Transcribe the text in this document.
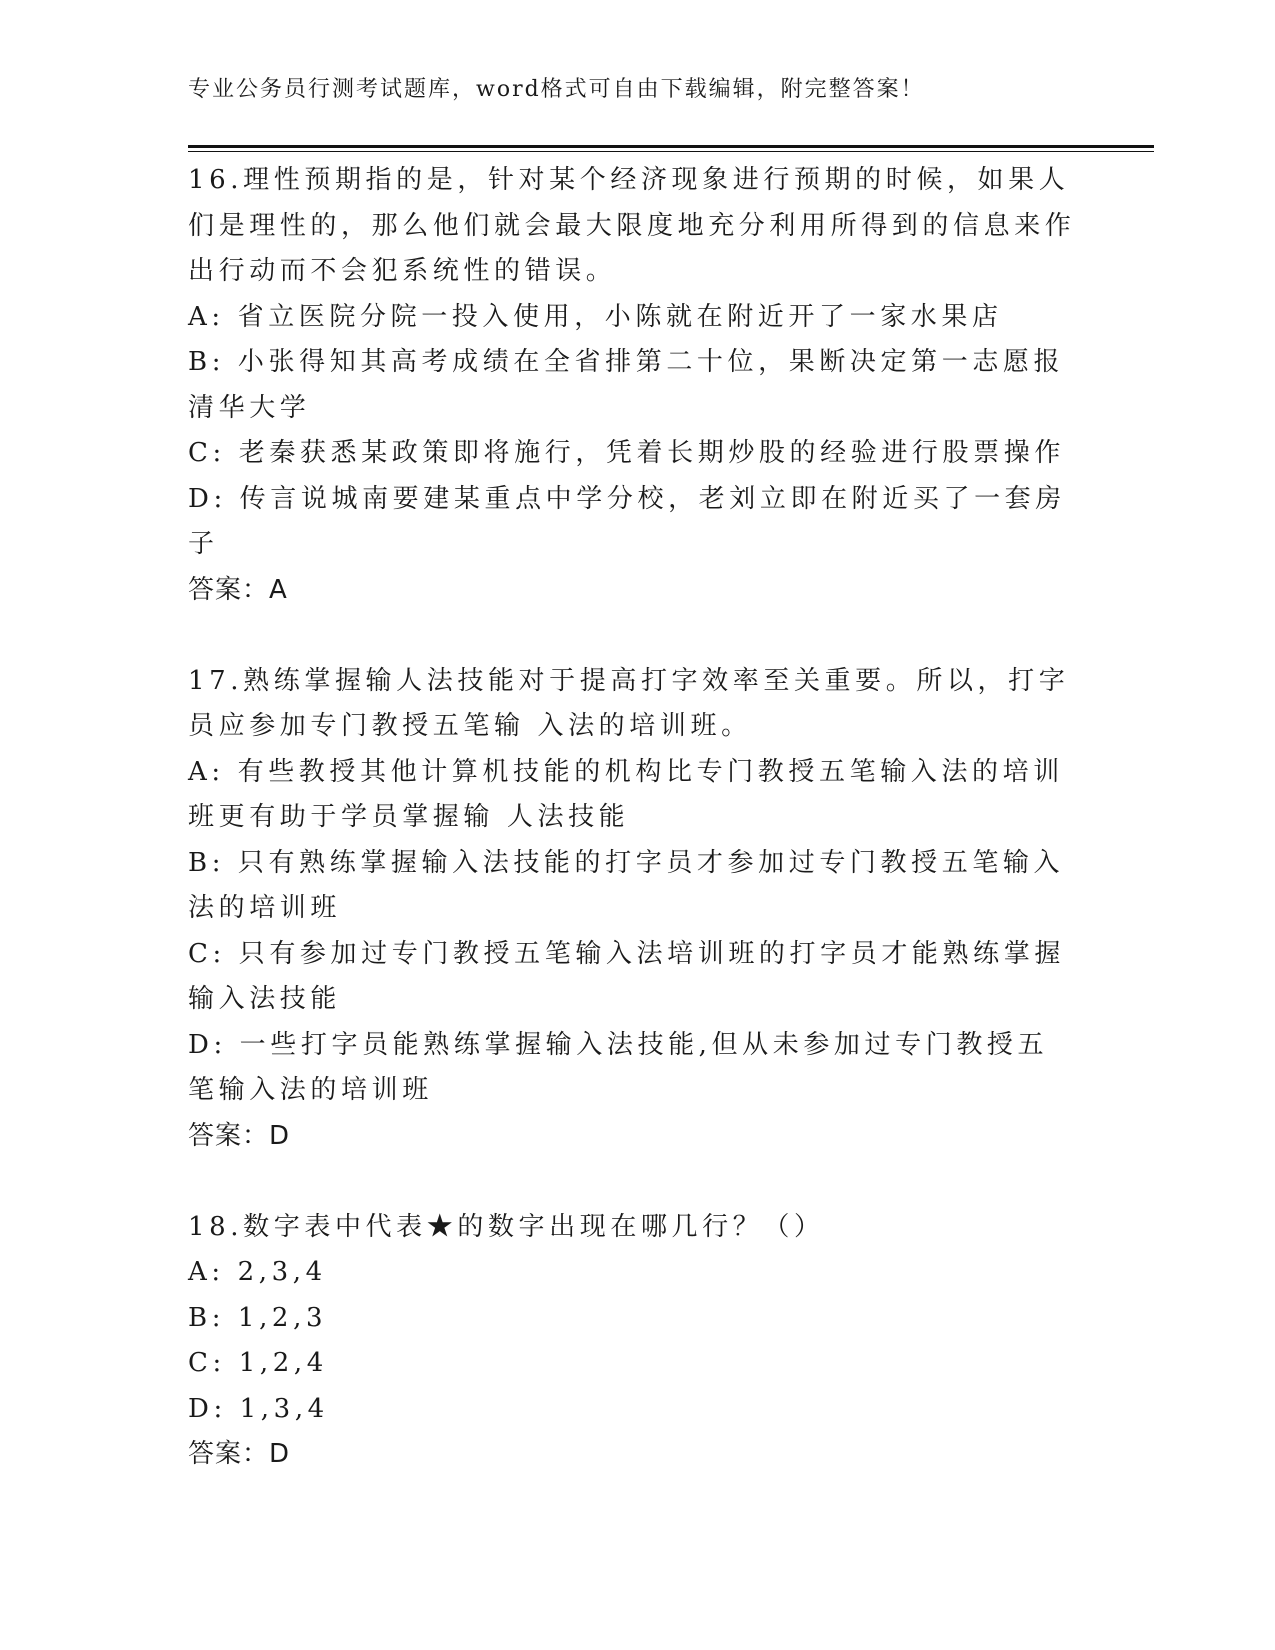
专业公务员行测考试题库，word格式可自由下载编辑，附完整答案！

16.理性预期指的是，针对某个经济现象进行预期的时候，如果人们是理性的，那么他们就会最大限度地充分利用所得到的信息来作出行动而不会犯系统性的错误。

A: 省立医院分院一投入使用，小陈就在附近开了一家水果店

B: 小张得知其高考成绩在全省排第二十位，果断决定第一志愿报清华大学

C: 老秦获悉某政策即将施行，凭着长期炒股的经验进行股票操作

D: 传言说城南要建某重点中学分校，老刘立即在附近买了一套房子

答案：A

17.熟练掌握输人法技能对于提高打字效率至关重要。所以，打字员应参加专门教授五笔输 入法的培训班。

A: 有些教授其他计算机技能的机构比专门教授五笔输入法的培训班更有助于学员掌握输 人法技能

B: 只有熟练掌握输入法技能的打字员才参加过专门教授五笔输入法的培训班

C: 只有参加过专门教授五笔输入法培训班的打字员才能熟练掌握输入法技能

D: 一些打字员能熟练掌握输入法技能,但从未参加过专门教授五笔输入法的培训班

答案：D

18.数字表中代表★的数字出现在哪几行？（）

A: 2,3,4

B: 1,2,3

C: 1,2,4

D: 1,3,4

答案：D
